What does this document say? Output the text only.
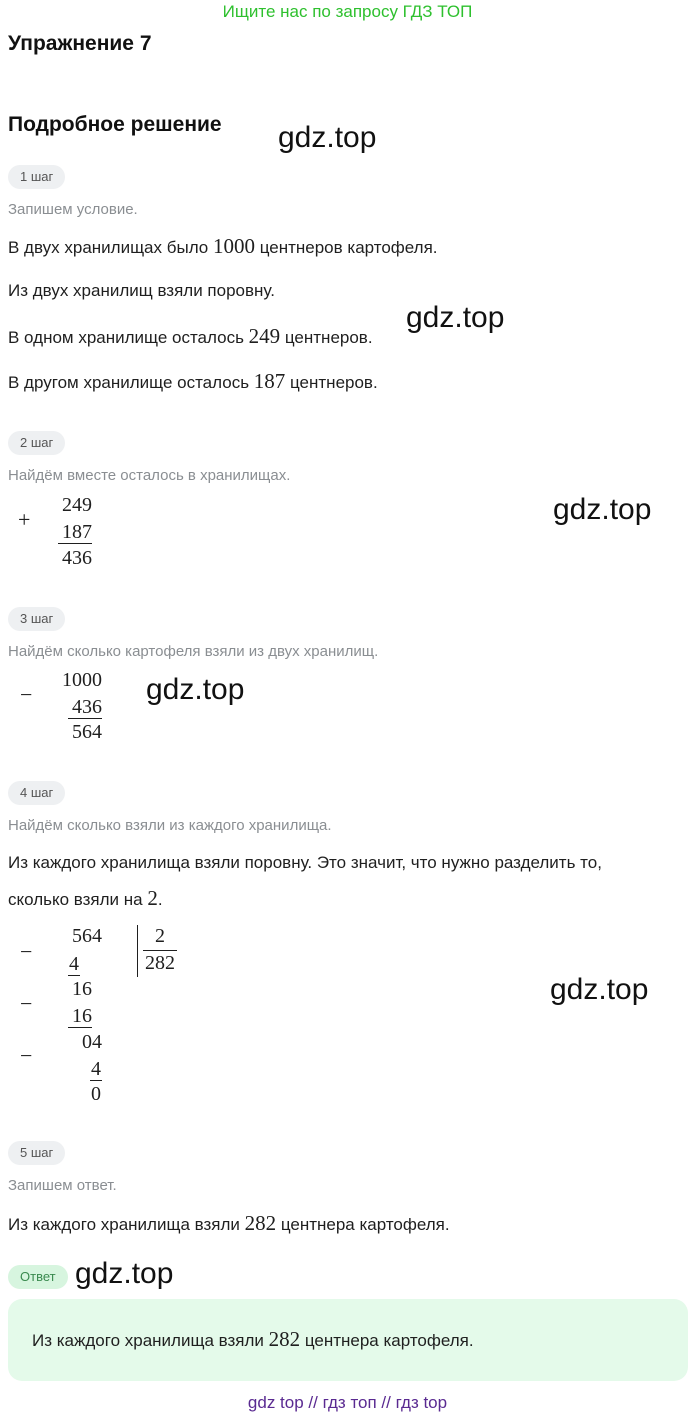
Ищите нас по запросу ГДЗ ТОП
Упражнение 7
Подробное решение gdz.top
gdz.top
gdz.top
gdz.top
gdz.top
gdz.top
1 шаг
Запишем условие.
В двух хранилищах было 1000 центнеров картофеля.
Из двух хранилищ взяли поровну.
В одном хранилище осталось 249 центнеров.
В другом хранилище осталось 187 центнеров.
2 шаг
Найдём вместе осталось в хранилищах.
+
249
187
436
3 шаг
Найдём сколько картофеля взяли из двух хранилищ.
−
1000
436
564
4 шаг
Найдём сколько взяли из каждого хранилища.
Из каждого хранилища взяли поровну. Это значит, что нужно разделить то,
сколько взяли на 2.
−
−
−
564
4
16
16
04
4
0
2
282
5 шаг
Запишем ответ.
Из каждого хранилища взяли 282 центнера картофеля.
Ответ
Из каждого хранилища взяли 282 центнера картофеля.
gdz top // гдз топ // гдз top
